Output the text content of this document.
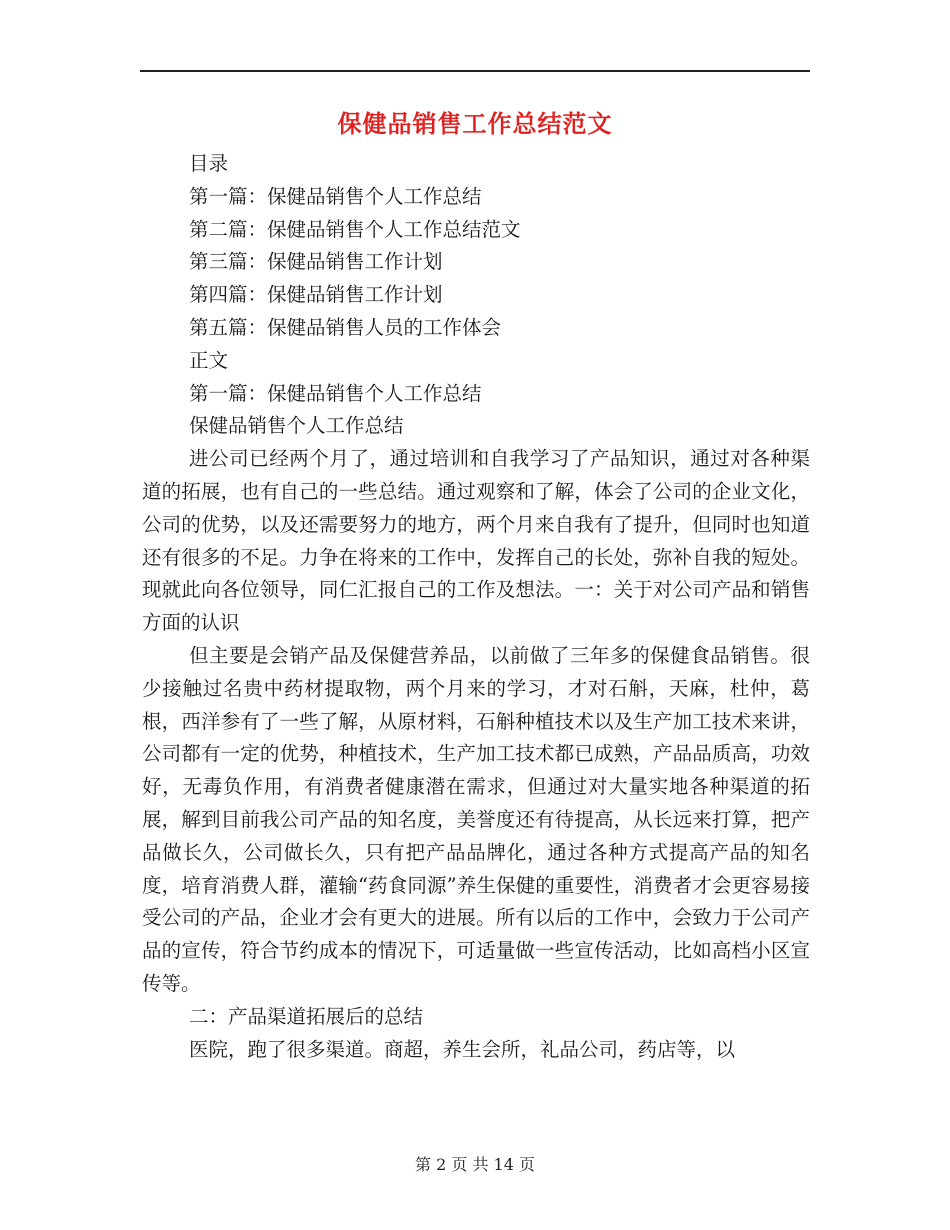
保健品销售工作总结范文

目录

第一篇：保健品销售个人工作总结

第二篇：保健品销售个人工作总结范文

第三篇：保健品销售工作计划

第四篇：保健品销售工作计划

第五篇：保健品销售人员的工作体会

正文

第一篇：保健品销售个人工作总结

保健品销售个人工作总结

进公司已经两个月了，通过培训和自我学习了产品知识，通过对各种渠道的拓展，也有自己的一些总结。通过观察和了解，体会了公司的企业文化，公司的优势，以及还需要努力的地方，两个月来自我有了提升，但同时也知道还有很多的不足。力争在将来的工作中，发挥自己的长处，弥补自我的短处。现就此向各位领导，同仁汇报自己的工作及想法。一：关于对公司产品和销售方面的认识

但主要是会销产品及保健营养品，以前做了三年多的保健食品销售。很少接触过名贵中药材提取物，两个月来的学习，才对石斛，天麻，杜仲，葛根，西洋参有了一些了解，从原材料，石斛种植技术以及生产加工技术来讲，公司都有一定的优势，种植技术，生产加工技术都已成熟，产品品质高，功效好，无毒负作用，有消费者健康潜在需求，但通过对大量实地各种渠道的拓展，解到目前我公司产品的知名度，美誉度还有待提高，从长远来打算，把产品做长久，公司做长久，只有把产品品牌化，通过各种方式提高产品的知名度，培育消费人群，灌输“药食同源”养生保健的重要性，消费者才会更容易接受公司的产品，企业才会有更大的进展。所有以后的工作中，会致力于公司产品的宣传，符合节约成本的情况下，可适量做一些宣传活动，比如高档小区宣传等。

二：产品渠道拓展后的总结

医院，跑了很多渠道。商超，养生会所，礼品公司，药店等，以

第 2 页 共 14 页
